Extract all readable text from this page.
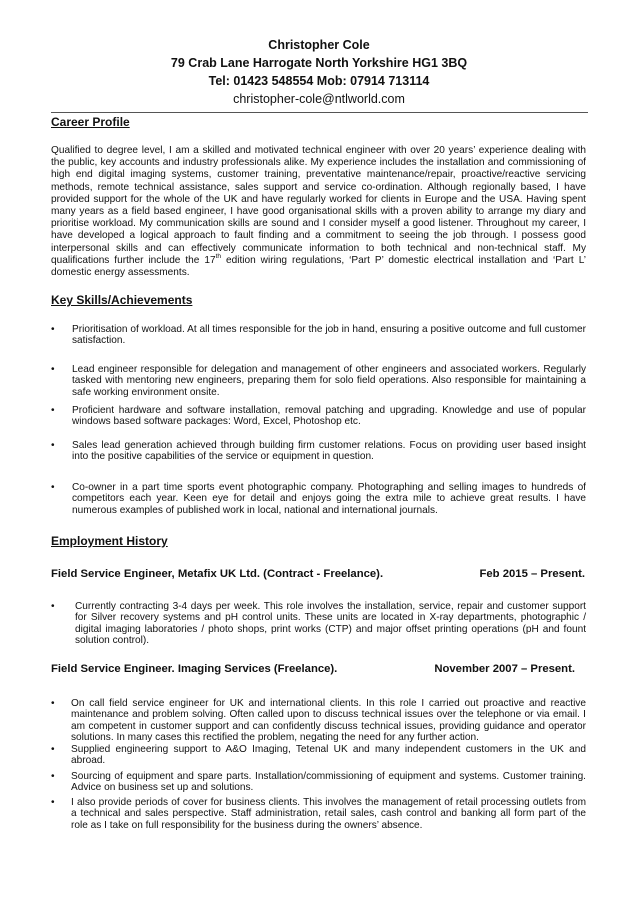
Christopher Cole
79 Crab Lane Harrogate North Yorkshire HG1 3BQ
Tel: 01423 548554 Mob: 07914 713114
christopher-cole@ntlworld.com
Career Profile
Qualified to degree level, I am a skilled and motivated technical engineer with over 20 years’ experience dealing with the public, key accounts and industry professionals alike. My experience includes the installation and commissioning of high end digital imaging systems, customer training, preventative maintenance/repair, proactive/reactive servicing methods, remote technical assistance, sales support and service co-ordination. Although regionally based, I have provided support for the whole of the UK and have regularly worked for clients in Europe and the USA. Having spent many years as a field based engineer, I have good organisational skills with a proven ability to arrange my diary and prioritise workload. My communication skills are sound and I consider myself a good listener. Throughout my career, I have developed a logical approach to fault finding and a commitment to seeing the job through. I possess good interpersonal skills and can effectively communicate information to both technical and non-technical staff. My qualifications further include the 17th edition wiring regulations, ‘Part P’ domestic electrical installation and ‘Part L’ domestic energy assessments.
Key Skills/Achievements
•	Prioritisation of workload. At all times responsible for the job in hand, ensuring a positive outcome and full customer satisfaction.
•	Lead engineer responsible for delegation and management of other engineers and associated workers. Regularly tasked with mentoring new engineers, preparing them for solo field operations. Also responsible for maintaining a safe working environment onsite.
•	Proficient hardware and software installation, removal patching and upgrading. Knowledge and use of popular windows based software packages: Word, Excel, Photoshop etc.
•	Sales lead generation achieved through building firm customer relations. Focus on providing user based insight into the positive capabilities of the service or equipment in question.
•	Co-owner in a part time sports event photographic company. Photographing and selling images to hundreds of competitors each year. Keen eye for detail and enjoys going the extra mile to achieve great results. I have numerous examples of published work in local, national and international journals.
Employment History
Field Service Engineer, Metafix UK Ltd. (Contract - Freelance).	Feb 2015 – Present.
•	Currently contracting 3-4 days per week. This role involves the installation, service, repair and customer support for Silver recovery systems and pH control units. These units are located in X-ray departments, photographic / digital imaging laboratories / photo shops, print works (CTP) and major offset printing operations (pH and fount solution control).
Field Service Engineer. Imaging Services (Freelance).	November 2007 – Present.
•	On call field service engineer for UK and international clients. In this role I carried out proactive and reactive maintenance and problem solving. Often called upon to discuss technical issues over the telephone or via email. I am competent in customer support and can confidently discuss technical issues, providing guidance and operator solutions. In many cases this rectified the problem, negating the need for any further action.
•	Supplied engineering support to A&O Imaging, Tetenal UK and many independent customers in the UK and abroad.
•	Sourcing of equipment and spare parts. Installation/commissioning of equipment and systems. Customer training. Advice on business set up and solutions.
•	I also provide periods of cover for business clients. This involves the management of retail processing outlets from a technical and sales perspective. Staff administration, retail sales, cash control and banking all form part of the role as I take on full responsibility for the business during the owners’ absence.
